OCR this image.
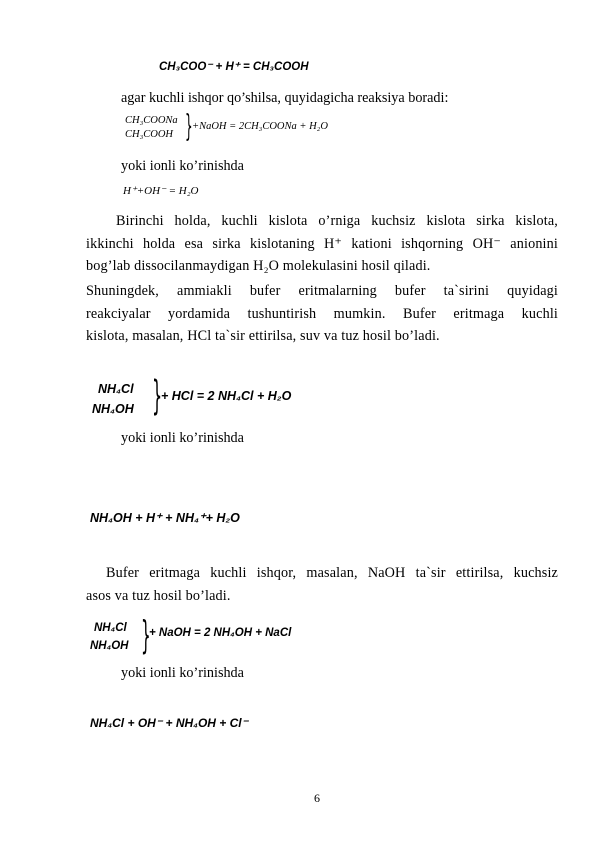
CH₃COO⁻ + H⁺ = CH₃COOH
agar kuchli ishqor qo’shilsa, quyidagicha reaksiya boradi:
CH₃COONa
CH₃COOH } +NaOH = 2CH₃COONa + H₂O
yoki ionli ko’rinishda
H⁺+OH⁻ = H₂O
Birinchi holda, kuchli kislota o’rniga kuchsiz kislota sirka kislota,
ikkinchi holda esa sirka kislotaning H⁺ kationi ishqorning OH⁻ anionini
bog’lab dissocilanmaydigan H₂O molekulasini hosil qiladi.
Shuningdek, ammiakli bufer eritmalarning bufer ta`sirini quyidagi
reakciyalar yordamida tushuntirish mumkin. Bufer eritmaga kuchli
kislota, masalan, HCl ta`sir ettirilsa, suv va tuz hosil bo’ladi.
NH₄Cl
NH₄OH }
+ HCl = 2 NH₄Cl + H₂O
yoki ionli ko’rinishda
NH₄OH + H⁺ + NH₄⁺+ H₂O
Bufer eritmaga kuchli ishqor, masalan, NaOH ta`sir ettirilsa, kuchsiz
asos va tuz hosil bo’ladi.
NH₄Cl
NH₄OH }
+ NaOH = 2 NH₄OH + NaCl
yoki ionli ko’rinishda
NH₄Cl + OH⁻ + NH₄OH + Cl⁻
6
